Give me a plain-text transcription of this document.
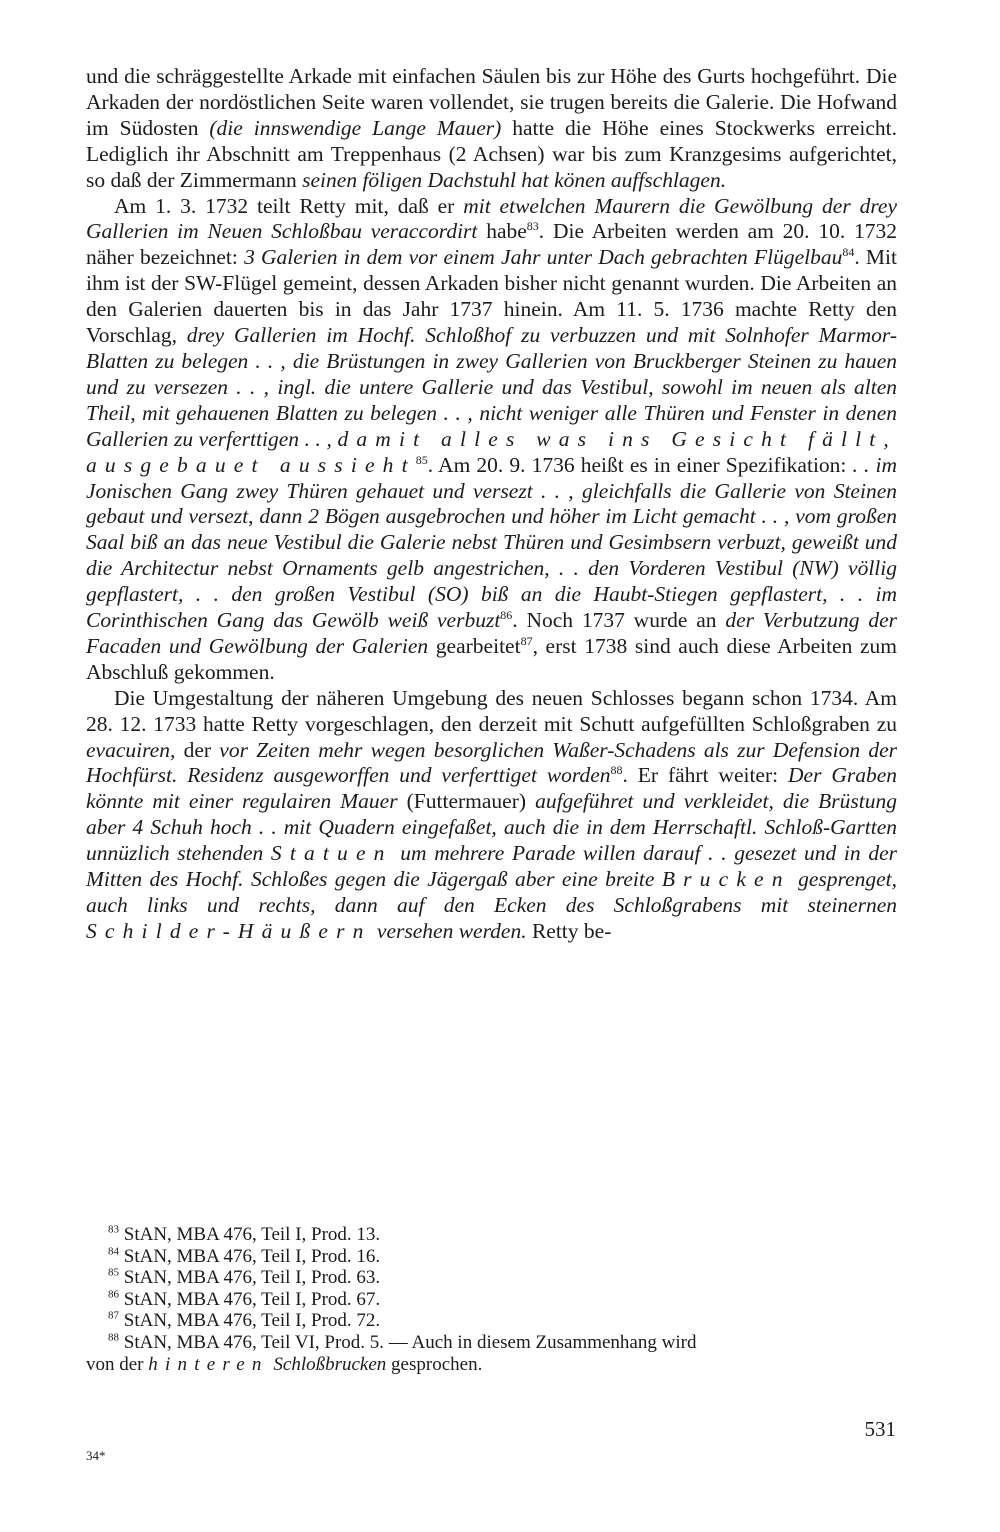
und die schräggestellte Arkade mit einfachen Säulen bis zur Höhe des Gurts hochgeführt. Die Arkaden der nordöstlichen Seite waren vollendet, sie trugen bereits die Galerie. Die Hofwand im Südosten (die innswendige Lange Mauer) hatte die Höhe eines Stockwerks erreicht. Lediglich ihr Abschnitt am Treppenhaus (2 Achsen) war bis zum Kranzgesims aufgerichtet, so daß der Zimmermann seinen föligen Dachstuhl hat könen auffschlagen.

Am 1. 3. 1732 teilt Retty mit, daß er mit etwelchen Maurern die Gewölbung der drey Gallerien im Neuen Schloßbau veraccordirt habe$^{83}$. Die Arbeiten werden am 20. 10. 1732 näher bezeichnet: 3 Galerien in dem vor einem Jahr unter Dach gebrachten Flügelbau$^{84}$. Mit ihm ist der SW-Flügel gemeint, dessen Arkaden bisher nicht genannt wurden. Die Arbeiten an den Galerien dauerten bis in das Jahr 1737 hinein. Am 11. 5. 1736 machte Retty den Vorschlag, drey Gallerien im Hochf. Schloßhof zu verbuzzen und mit Solnhofer Marmor-Blatten zu belegen . . , die Brüstungen in zwey Gallerien von Bruckberger Steinen zu hauen und zu versezen . . , ingl. die untere Gallerie und das Vestibul, sowohl im neuen als alten Theil, mit gehauenen Blatten zu belegen . . , nicht weniger alle Thüren und Fenster in denen Gallerien zu verferttigen . . , damit alles was ins Gesicht fällt, ausgebauet aussieht$^{85}$. Am 20. 9. 1736 heißt es in einer Spezifikation: . . im Jonischen Gang zwey Thüren gehauet und versezt . . , gleichfalls die Gallerie von Steinen gebaut und versezt, dann 2 Bögen ausgebrochen und höher im Licht gemacht . . , vom großen Saal biß an das neue Vestibul die Galerie nebst Thüren und Gesimbsern verbuzt, geweißt und die Architectur nebst Ornaments gelb angestrichen, . . den Vorderen Vestibul (NW) völlig gepflastert, . . den großen Vestibul (SO) biß an die Haubt-Stiegen gepflastert, . . im Corinthischen Gang das Gewölb weiß verbuzt$^{86}$. Noch 1737 wurde an der Verbutzung der Facaden und Gewölbung der Galerien gearbeitet$^{87}$, erst 1738 sind auch diese Arbeiten zum Abschluß gekommen.

Die Umgestaltung der näheren Umgebung des neuen Schlosses begann schon 1734. Am 28. 12. 1733 hatte Retty vorgeschlagen, den derzeit mit Schutt aufgefüllten Schloßgraben zu evacuiren, der vor Zeiten mehr wegen besorglichen Waßer-Schadens als zur Defension der Hochfürst. Residenz ausgeworffen und verferttiget worden$^{88}$. Er fährt weiter: Der Graben könnte mit einer regulairen Mauer (Futtermauer) aufgeführet und verkleidet, die Brüstung aber 4 Schuh hoch . . mit Quadern eingefaßet, auch die in dem Herrschaftl. Schloß-Gartten unnüzlich stehenden Statuen um mehrere Parade willen darauf . . gesezet und in der Mitten des Hochf. Schloßes gegen die Jägergaß aber eine breite Brucken gesprenget, auch links und rechts, dann auf den Ecken des Schloßgrabens mit steinernen Schilder-Häußern versehen werden. Retty be-

$^{83}$ StAN, MBA 476, Teil I, Prod. 13.

$^{84}$ StAN, MBA 476, Teil I, Prod. 16.

$^{85}$ StAN, MBA 476, Teil I, Prod. 63.

$^{86}$ StAN, MBA 476, Teil I, Prod. 67.

$^{87}$ StAN, MBA 476, Teil I, Prod. 72.

$^{88}$ StAN, MBA 476, Teil VI, Prod. 5. — Auch in diesem Zusammenhang wird

von der hinteren Schloßbrucken gesprochen.

531
34*
